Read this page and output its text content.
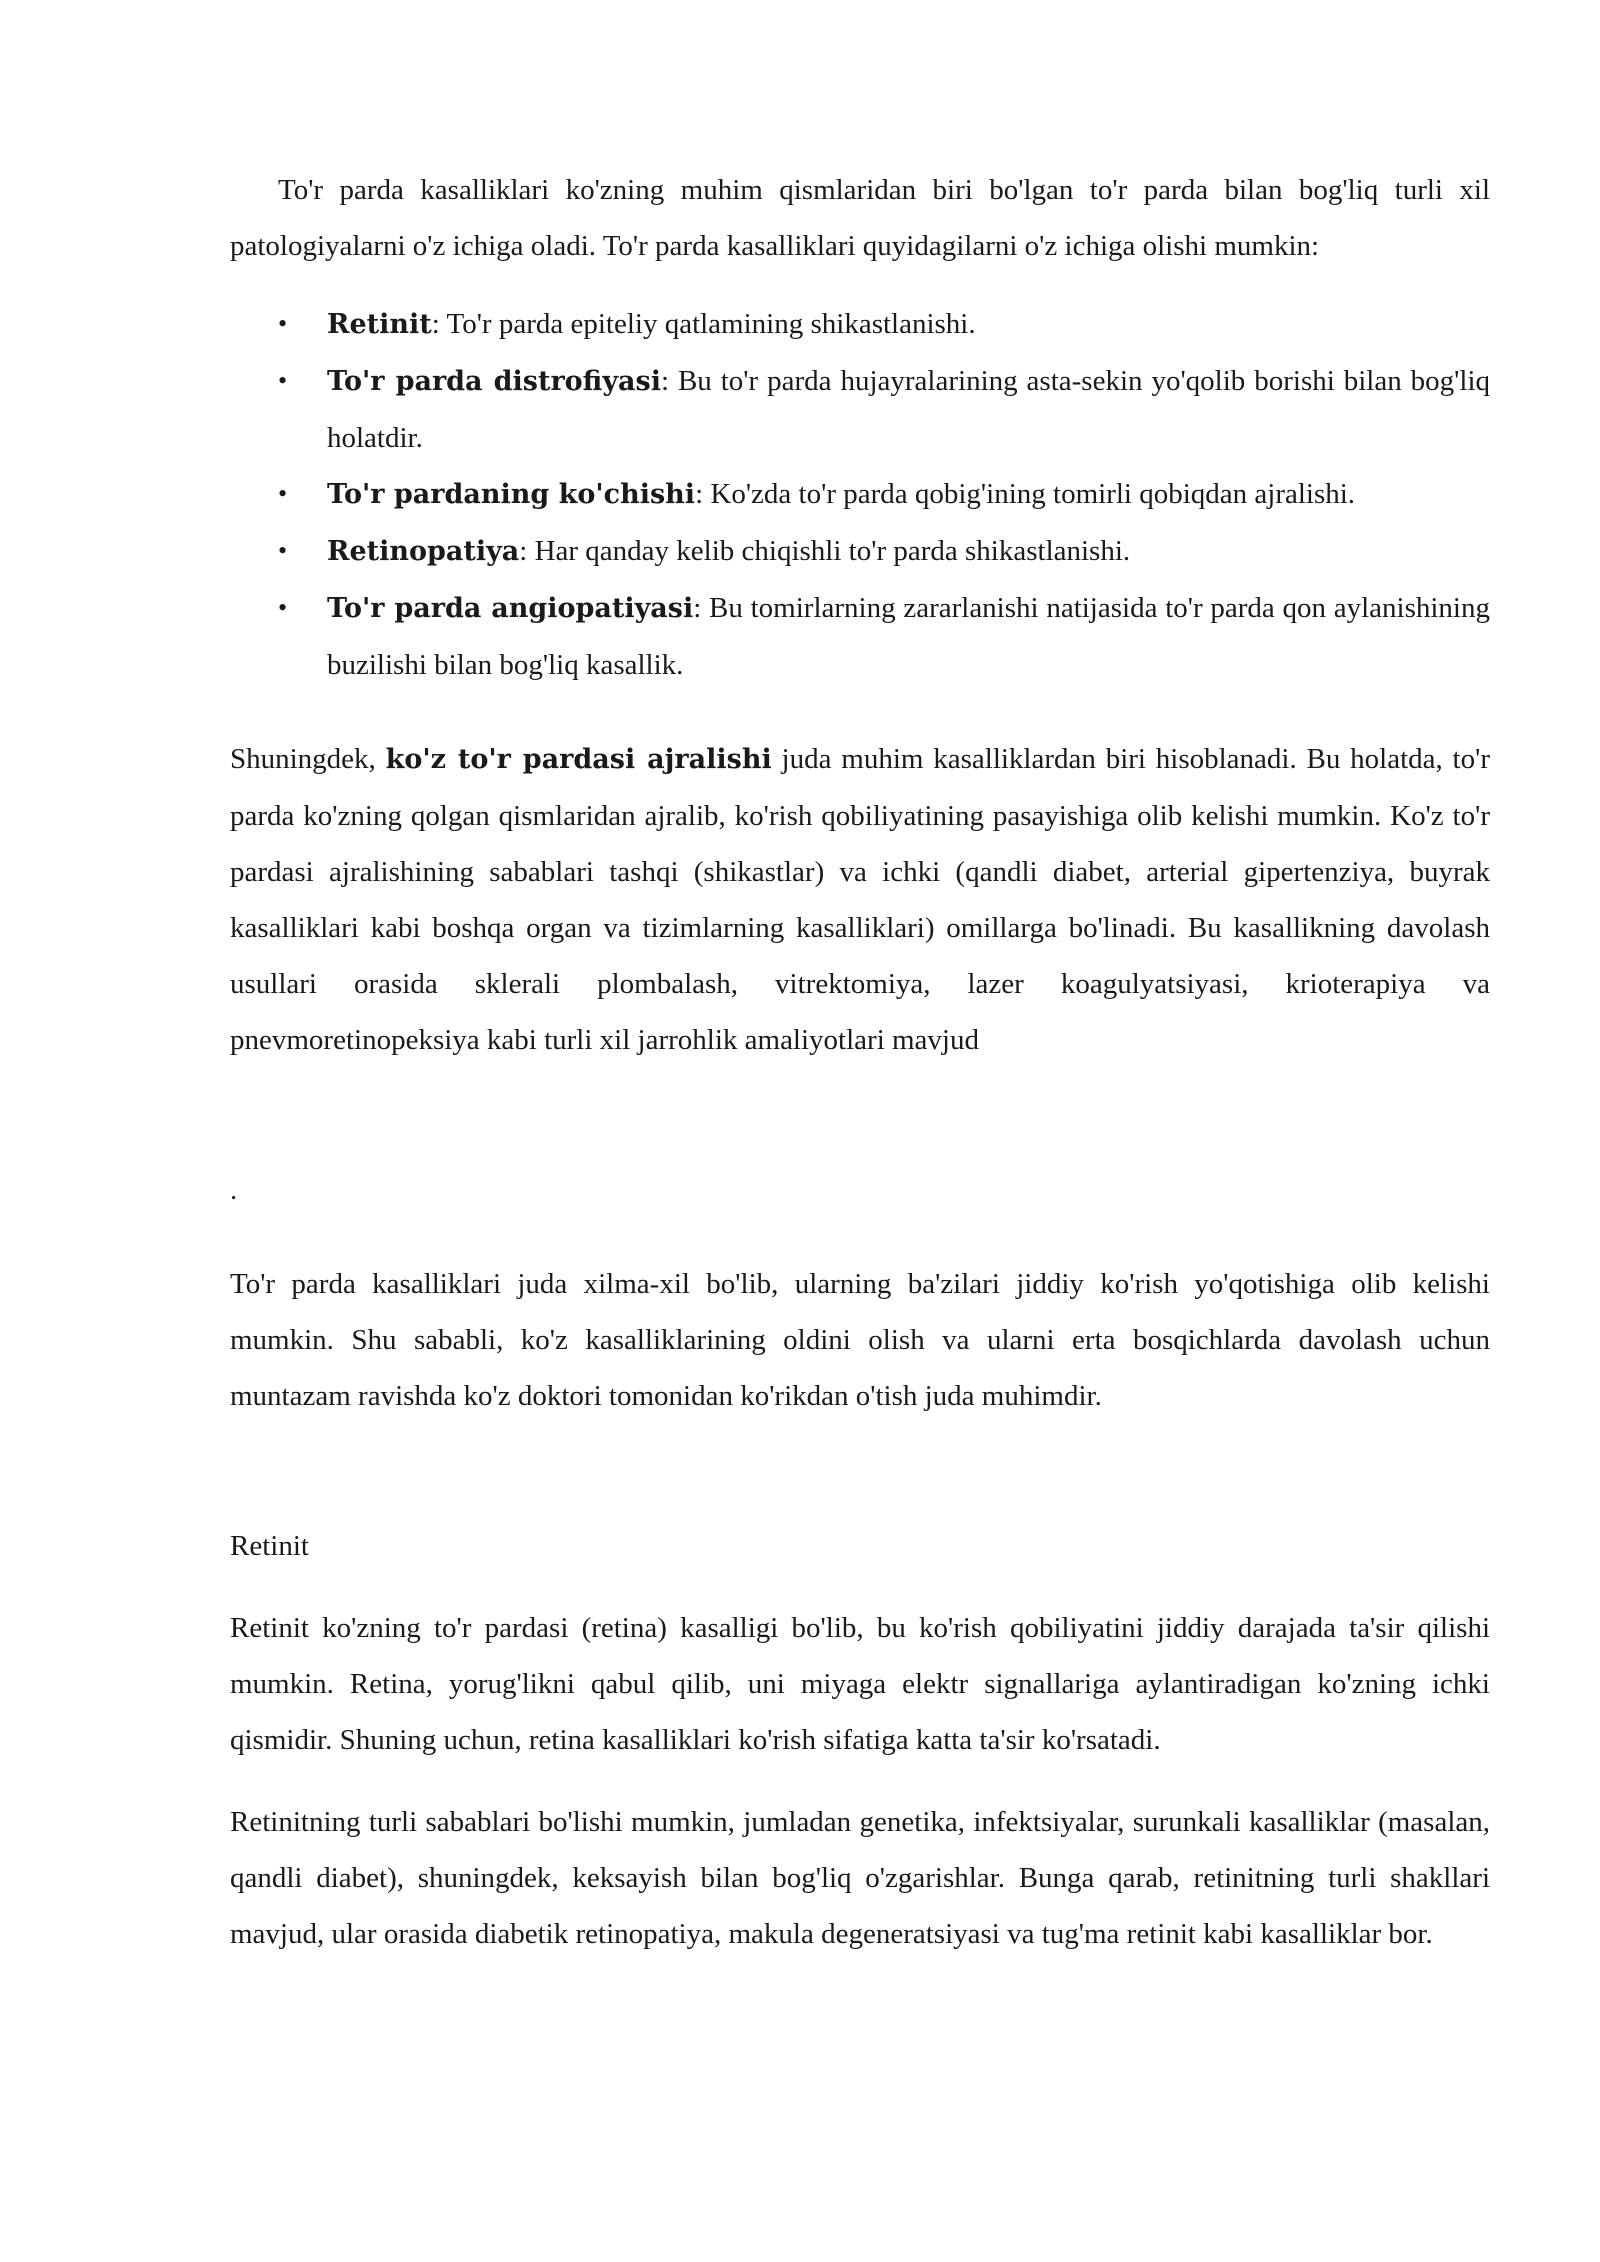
To'r parda kasalliklari ko'zning muhim qismlaridan biri bo'lgan to'r parda bilan bog'liq turli xil patologiyalarni o'z ichiga oladi. To'r parda kasalliklari quyidagilarni o'z ichiga olishi mumkin:

• Retinit: To'r parda epiteliy qatlamining shikastlanishi.
• To'r parda distrofiyasi: Bu to'r parda hujayralarining asta-sekin yo'qolib borishi bilan bog'liq holatdir.
• To'r pardaning ko'chishi: Ko'zda to'r parda qobig'ining tomirli qobiqdan ajralishi.
• Retinopatiya: Har qanday kelib chiqishli to'r parda shikastlanishi.
• To'r parda angiopatiyasi: Bu tomirlarning zararlanishi natijasida to'r parda qon aylanishining buzilishi bilan bog'liq kasallik.

Shuningdek, ko'z to'r pardasi ajralishi juda muhim kasalliklardan biri hisoblanadi. Bu holatda, to'r parda ko'zning qolgan qismlaridan ajralib, ko'rish qobiliyatining pasayishiga olib kelishi mumkin. Ko'z to'r pardasi ajralishining sabablari tashqi (shikastlar) va ichki (qandli diabet, arterial gipertenziya, buyrak kasalliklari kabi boshqa organ va tizimlarning kasalliklari) omillarga bo'linadi. Bu kasallikning davolash usullari orasida sklerali plombalash, vitrektomiya, lazer koagulyatsiyasi, krioterapiya va pnevmoretinopeksiya kabi turli xil jarrohlik amaliyotlari mavjud

.

To'r parda kasalliklari juda xilma-xil bo'lib, ularning ba'zilari jiddiy ko'rish yo'qotishiga olib kelishi mumkin. Shu sababli, ko'z kasalliklarining oldini olish va ularni erta bosqichlarda davolash uchun muntazam ravishda ko'z doktori tomonidan ko'rikdan o'tish juda muhimdir.

Retinit

Retinit ko'zning to'r pardasi (retina) kasalligi bo'lib, bu ko'rish qobiliyatini jiddiy darajada ta'sir qilishi mumkin. Retina, yorug'likni qabul qilib, uni miyaga elektr signallariga aylantiradigan ko'zning ichki qismidir. Shuning uchun, retina kasalliklari ko'rish sifatiga katta ta'sir ko'rsatadi.

Retinitning turli sabablari bo'lishi mumkin, jumladan genetika, infektsiyalar, surunkali kasalliklar (masalan, qandli diabet), shuningdek, keksayish bilan bog'liq o'zgarishlar. Bunga qarab, retinitning turli shakllari mavjud, ular orasida diabetik retinopatiya, makula degeneratsiyasi va tug'ma retinit kabi kasalliklar bor.
